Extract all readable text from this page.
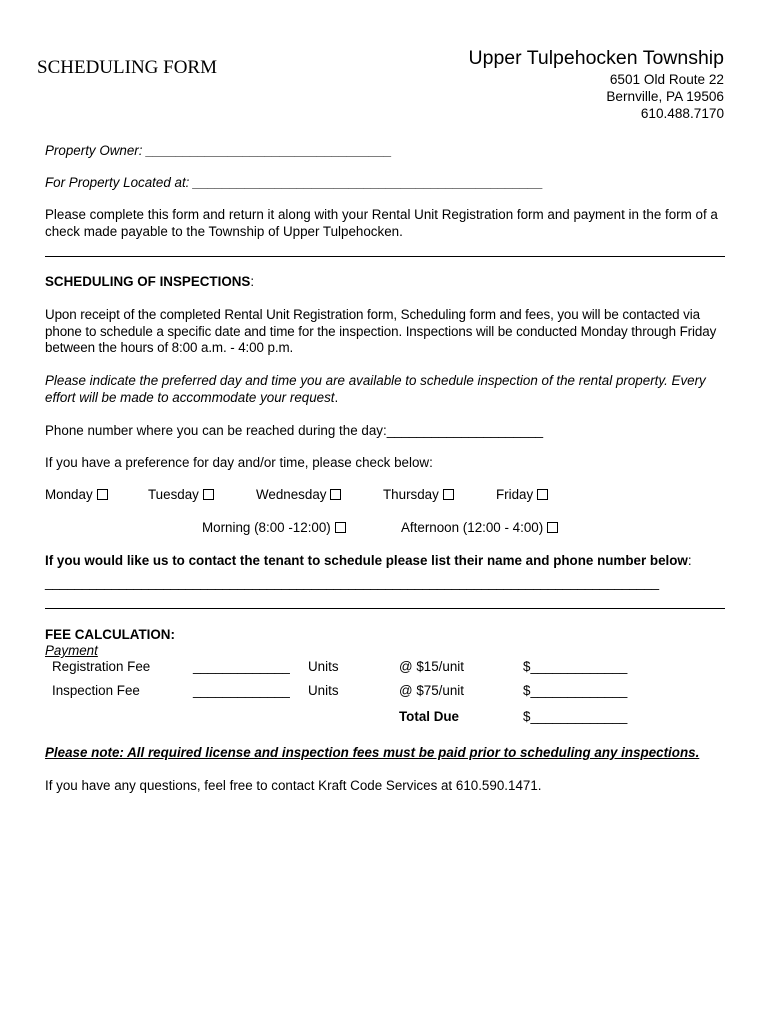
SCHEDULING FORM	Upper Tulpehocken Township
6501 Old Route 22
Bernville, PA 19506
610.488.7170
Property Owner: _________________________________
For Property Located at: _______________________________________________
Please complete this form and return it along with your Rental Unit Registration form and payment in the form of a check made payable to the Township of Upper Tulpehocken.
SCHEDULING OF INSPECTIONS:
Upon receipt of the completed Rental Unit Registration form, Scheduling form and fees, you will be contacted via phone to schedule a specific date and time for the inspection. Inspections will be conducted Monday through Friday between the hours of 8:00 a.m. - 4:00 p.m.
Please indicate the preferred day and time you are available to schedule inspection of the rental property. Every effort will be made to accommodate your request.
Phone number where you can be reached during the day:_____________________
If you have a preference for day and/or time, please check below:
Monday	Tuesday	Wednesday	Thursday	Friday
Morning (8:00 -12:00)	Afternoon (12:00 - 4:00)
If you would like us to contact the tenant to schedule please list their name and phone number below:
___________________________________________________________________________________
FEE CALCULATION:
Payment
Registration Fee	_____________ Units	@ $15/unit	$_____________
Inspection Fee	_____________ Units	@ $75/unit	$_____________
Total Due	$_____________
Please note: All required license and inspection fees must be paid prior to scheduling any inspections.
If you have any questions, feel free to contact Kraft Code Services at 610.590.1471.
